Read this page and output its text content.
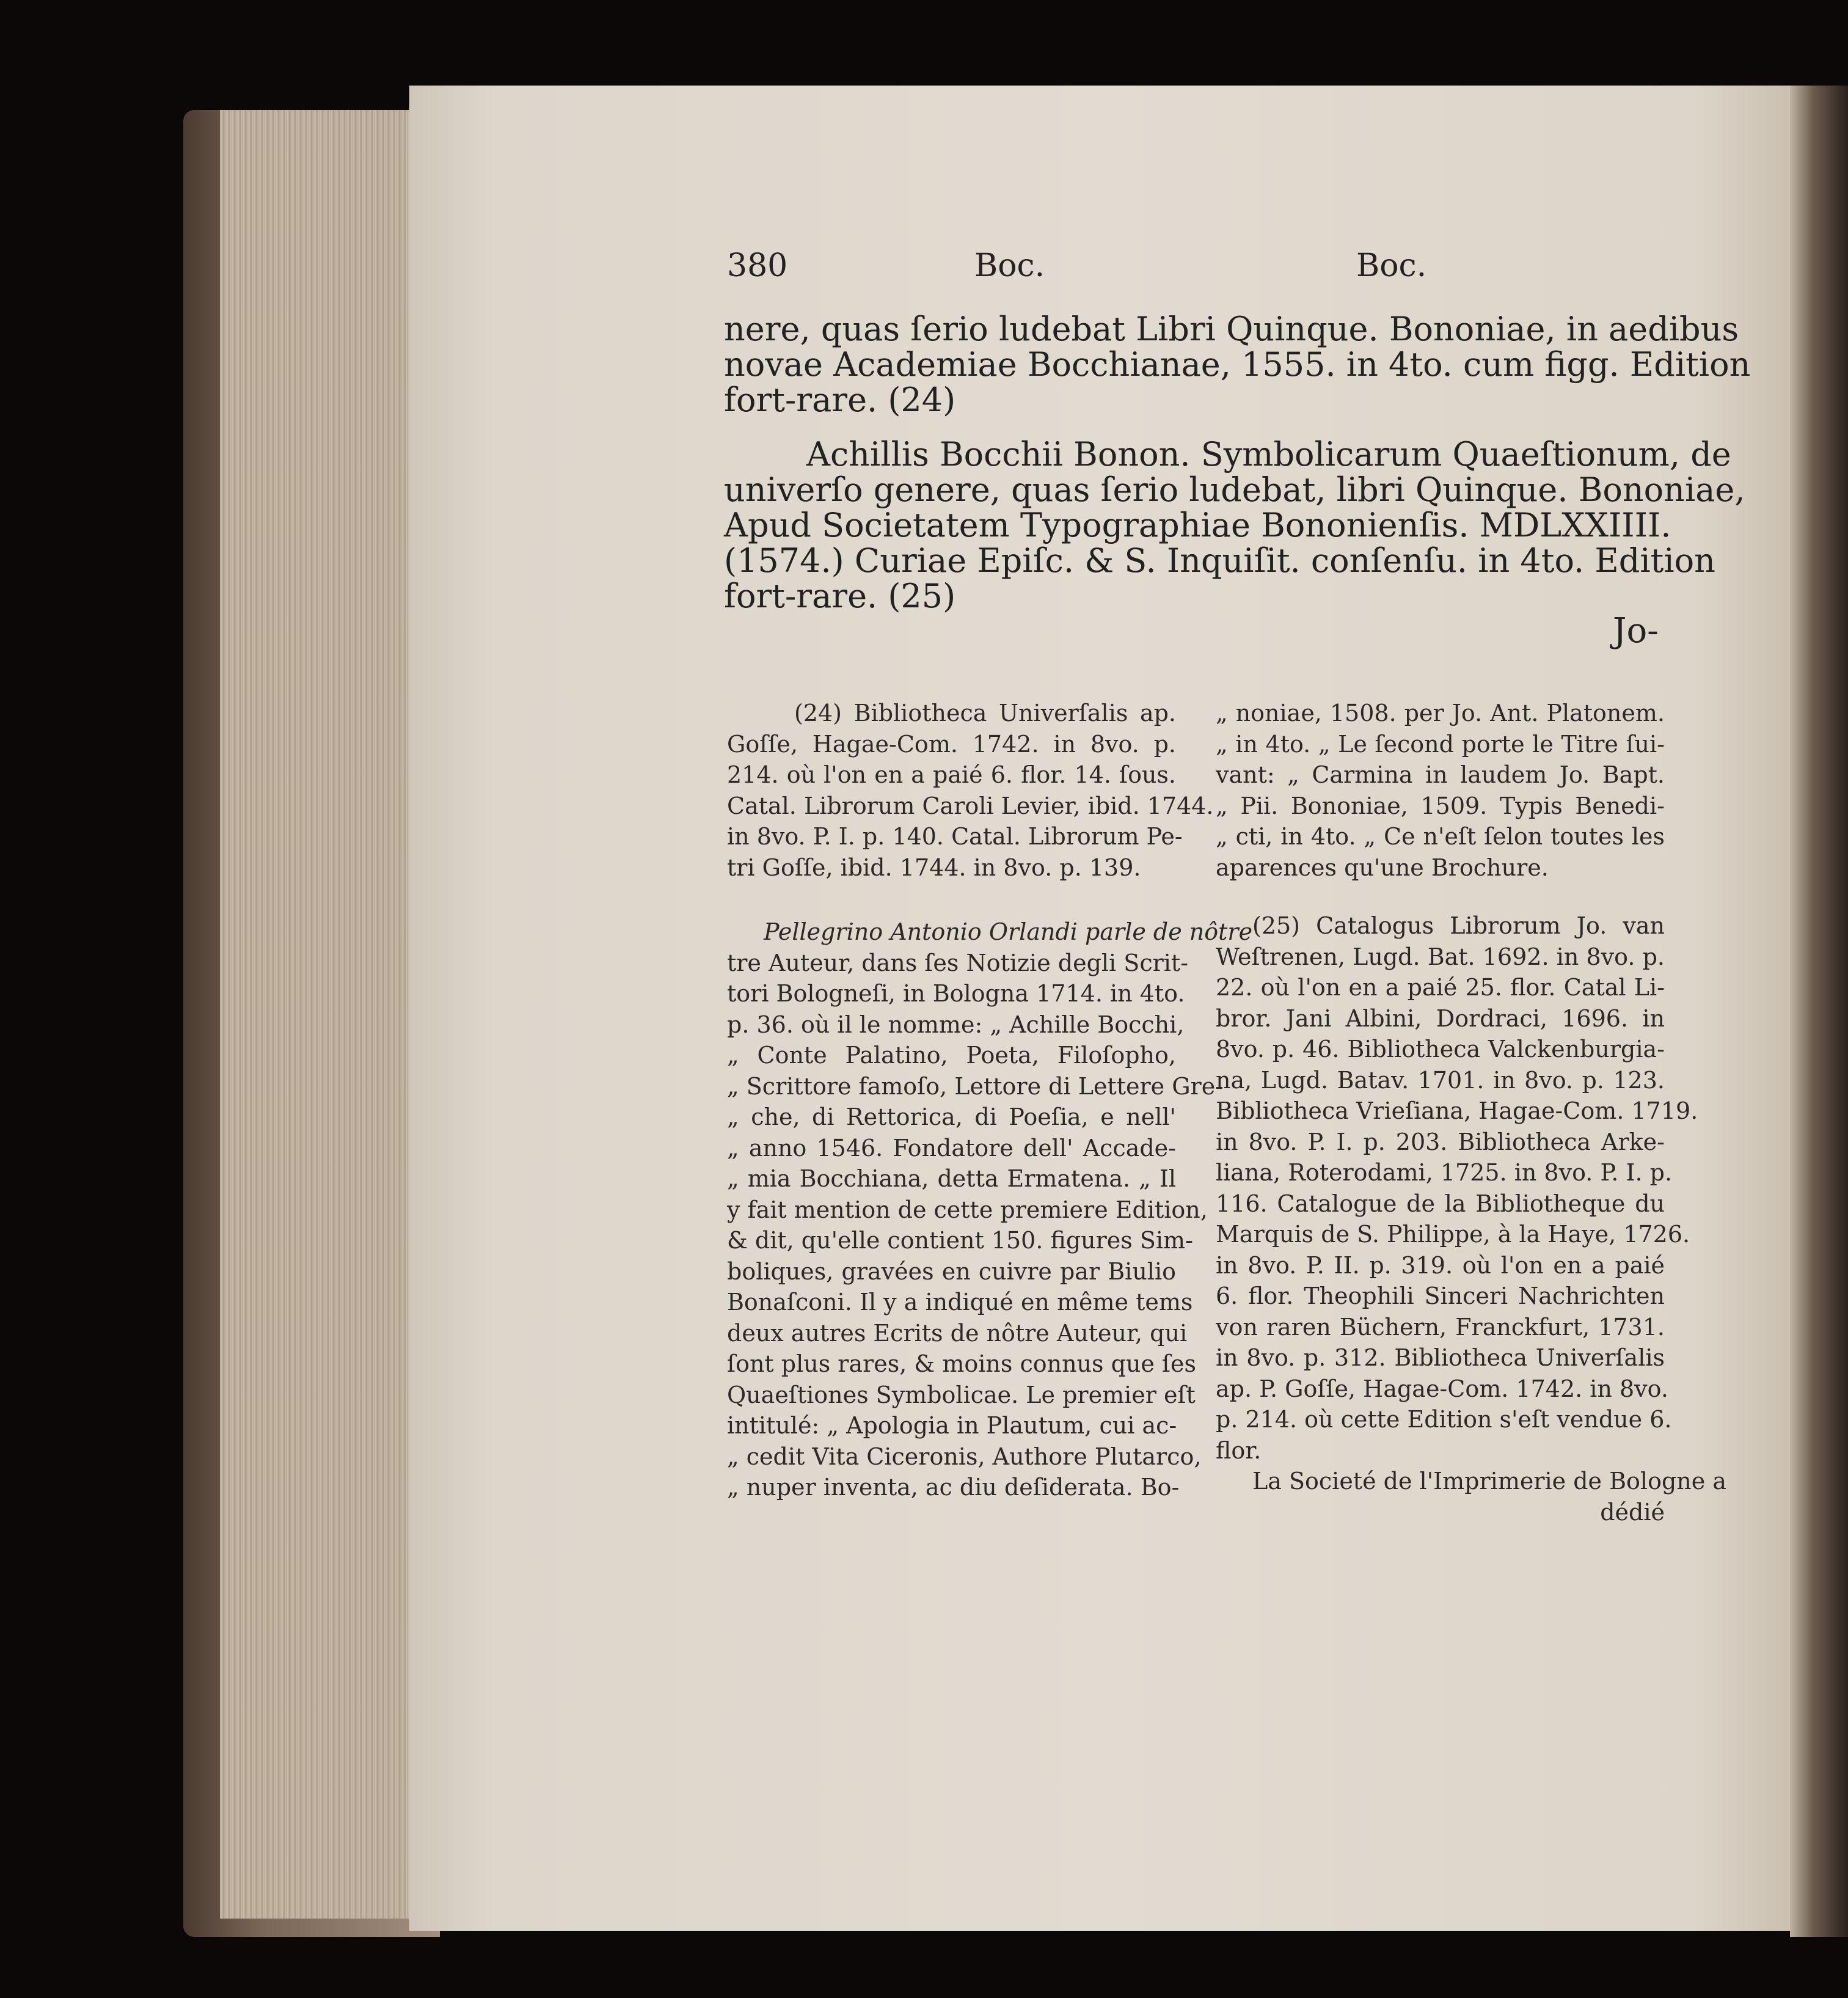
380	Boc.	Boc.
nere, quas ſerio ludebat Libri Quinque. Bononiae, in aedibus
novae Academiae Bocchianae, 1555. in 4to. cum figg. Edition
fort-rare. (24)
Achillis Bocchii Bonon. Symbolicarum Quaeſtionum, de
univerſo genere, quas ſerio ludebat, libri Quinque. Bononiae,
Apud Societatem Typographiae Bononienſis. MDLXXIIII.
(1574.) Curiae Epiſc. & S. Inquiſit. conſenſu. in 4to. Edition
fort-rare. (25)
Jo-
(24) Bibliotheca Univerſalis ap.
Goſſe, Hagae-Com. 1742. in 8vo. p.
214. où l'on en a paié 6. flor. 14. ſous.
Catal. Librorum Caroli Levier, ibid. 1744.
in 8vo. P. I. p. 140. Catal. Librorum Pe-
tri Goſſe, ibid. 1744. in 8vo. p. 139.
Pellegrino Antonio Orlandi parle de nôtre
tre Auteur, dans ſes Notizie degli Scrit-
tori Bologneſi, in Bologna 1714. in 4to.
p. 36. où il le nomme: „ Achille Bocchi,
„ Conte Palatino, Poeta, Filoſopho,
„ Scrittore famoſo, Lettore di Lettere Gre-
„ che, di Rettorica, di Poeſia, e nell'
„ anno 1546. Fondatore dell' Accade-
„ mia Bocchiana, detta Ermatena. „ Il
y fait mention de cette premiere Edition,
& dit, qu'elle contient 150. figures Sim-
boliques, gravées en cuivre par Biulio
Bonaſconi. Il y a indiqué en même tems
deux autres Ecrits de nôtre Auteur, qui
ſont plus rares, & moins connus que ſes
Quaeſtiones Symbolicae. Le premier eſt
intitulé: „ Apologia in Plautum, cui ac-
„ cedit Vita Ciceronis, Authore Plutarco,
„ nuper inventa, ac diu deſiderata. Bo-
„ noniae, 1508. per Jo. Ant. Platonem.
„ in 4to. „ Le ſecond porte le Titre ſui-
vant: „ Carmina in laudem Jo. Bapt.
„ Pii. Bononiae, 1509. Typis Benedi-
„ cti, in 4to. „ Ce n'eſt ſelon toutes les
aparences qu'une Brochure.
(25) Catalogus Librorum Jo. van
Weſtrenen, Lugd. Bat. 1692. in 8vo. p.
22. où l'on en a paié 25. flor. Catal Li-
bror. Jani Albini, Dordraci, 1696. in
8vo. p. 46. Bibliotheca Valckenburgia-
na, Lugd. Batav. 1701. in 8vo. p. 123.
Bibliotheca Vrieſiana, Hagae-Com. 1719.
in 8vo. P. I. p. 203. Bibliotheca Arke-
liana, Roterodami, 1725. in 8vo. P. I. p.
116. Catalogue de la Bibliotheque du
Marquis de S. Philippe, à la Haye, 1726.
in 8vo. P. II. p. 319. où l'on en a paié
6. flor. Theophili Sinceri Nachrichten
von raren Büchern, Franckfurt, 1731.
in 8vo. p. 312. Bibliotheca Univerſalis
ap. P. Goſſe, Hagae-Com. 1742. in 8vo.
p. 214. où cette Edition s'eſt vendue 6.
flor.
La Societé de l'Imprimerie de Bologne a
dédié
